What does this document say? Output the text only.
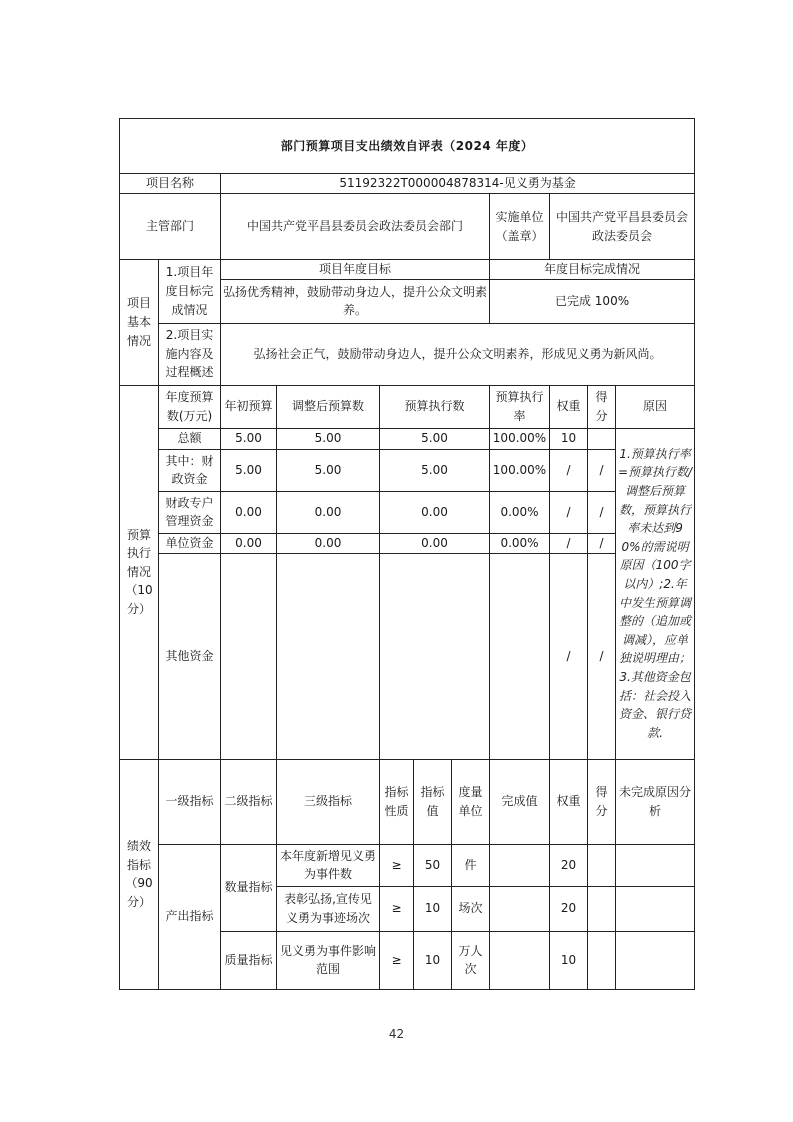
部门预算项目支出绩效自评表（2024 年度）										
项目名称		51192322T000004878314-见义勇为基金								
主管部门		中国共产党平昌县委员会政法委员会部门					实施单位（盖章）	中国共产党平昌县委员会政法委员会		
项目基本情况	1.项目年度目标完成情况	项目年度目标					年度目标完成情况			
		弘扬优秀精神，鼓励带动身边人，提升公众文明素养。					已完成 100%			
	2.项目实施内容及过程概述	弘扬社会正气，鼓励带动身边人，提升公众文明素养，形成见义勇为新风尚。								

预算执行情况（10分）	年度预算数(万元)	年初预算	调整后预算数	预算执行数			预算执行率	权重	得分	原因
	总额	5.00	5.00	5.00			100.00%	10		1.预算执行率=预算执行数/调整后预算数，预算执行率未达到90%的需说明原因（100字以内）;2.年中发生预算调整的（追加或调减），应单独说明理由；3.其他资金包括：社会投入资金、银行贷款.
	其中：财政资金	5.00	5.00	5.00			100.00%	/	/	
	财政专户管理资金	0.00	0.00	0.00			0.00%	/	/	
	单位资金	0.00	0.00	0.00			0.00%	/	/	
	其他资金							/	/	

绩效指标（90分）	一级指标	二级指标	三级指标	指标性质	指标值	度量单位	完成值	权重	得分	未完成原因分析
	产出指标	数量指标	本年度新增见义勇为事件数	≥	50	件		20		
			表彰弘扬,宣传见义勇为事迹场次	≥	10	场次		20		
		质量指标	见义勇为事件影响范围	≥	10	万人次		10		
42
